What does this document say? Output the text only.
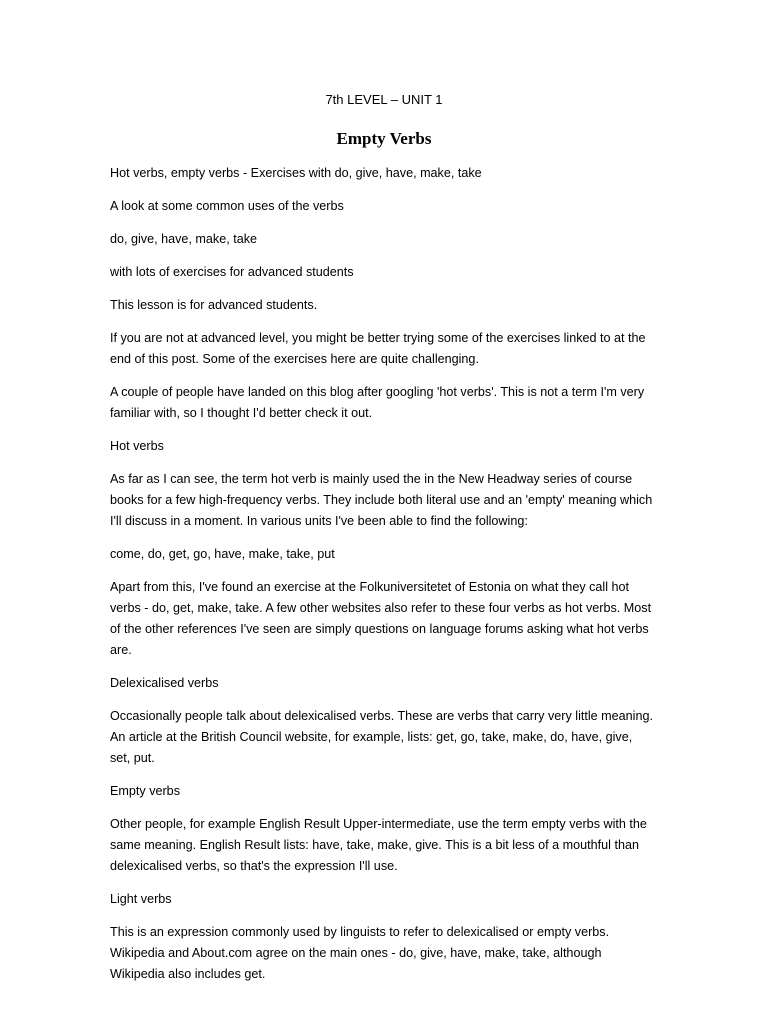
7th LEVEL – UNIT 1
Empty Verbs

Hot verbs, empty verbs - Exercises with do, give, have, make, take

A look at some common uses of the verbs

do, give, have, make, take

with lots of exercises for advanced students

This lesson is for advanced students.

If you are not at advanced level, you might be better trying some of the exercises linked to at the end of this post. Some of the exercises here are quite challenging.

A couple of people have landed on this blog after googling 'hot verbs'. This is not a term I'm very familiar with, so I thought I'd better check it out.

Hot verbs

As far as I can see, the term hot verb is mainly used the in the New Headway series of course books for a few high-frequency verbs. They include both literal use and an 'empty' meaning which I'll discuss in a moment. In various units I've been able to find the following:

come, do, get, go, have, make, take, put

Apart from this, I've found an exercise at the Folkuniversitetet of Estonia on what they call hot verbs - do, get, make, take. A few other websites also refer to these four verbs as hot verbs. Most of the other references I've seen are simply questions on language forums asking what hot verbs are.

Delexicalised verbs

Occasionally people talk about delexicalised verbs. These are verbs that carry very little meaning. An article at the British Council website, for example, lists: get, go, take, make, do, have, give, set, put.

Empty verbs

Other people, for example English Result Upper-intermediate, use the term empty verbs with the same meaning. English Result lists: have, take, make, give. This is a bit less of a mouthful than delexicalised verbs, so that's the expression I'll use.

Light verbs

This is an expression commonly used by linguists to refer to delexicalised or empty verbs. Wikipedia and About.com agree on the main ones - do, give, have, make, take, although Wikipedia also includes get.
